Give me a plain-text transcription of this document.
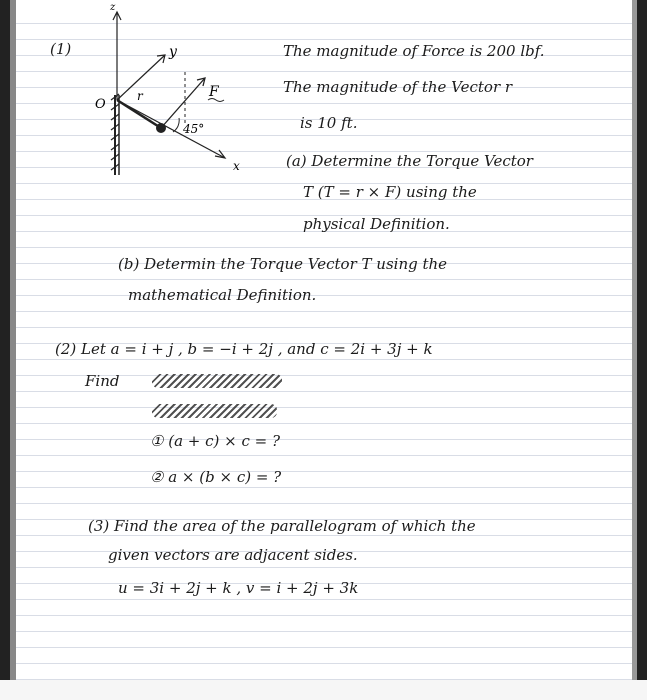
(1)
z
y
x
O
r	F
45°
The magnitude of Force is 200 lbf.
The magnitude of the Vector r
is 10 ft.
(a) Determine the Torque Vector
T (T = r × F) using the
physical Definition.
(b) Determin the Torque Vector T using the
mathematical Definition.
(2) Let a = i + j , b = −i + 2j , and c = 2i + 3j + k
Find
① (a + c) × c = ?
② a × (b × c) = ?
(3) Find the area of the parallelogram of which the
given vectors are adjacent sides.
u = 3i + 2j + k , v = i + 2j + 3k
